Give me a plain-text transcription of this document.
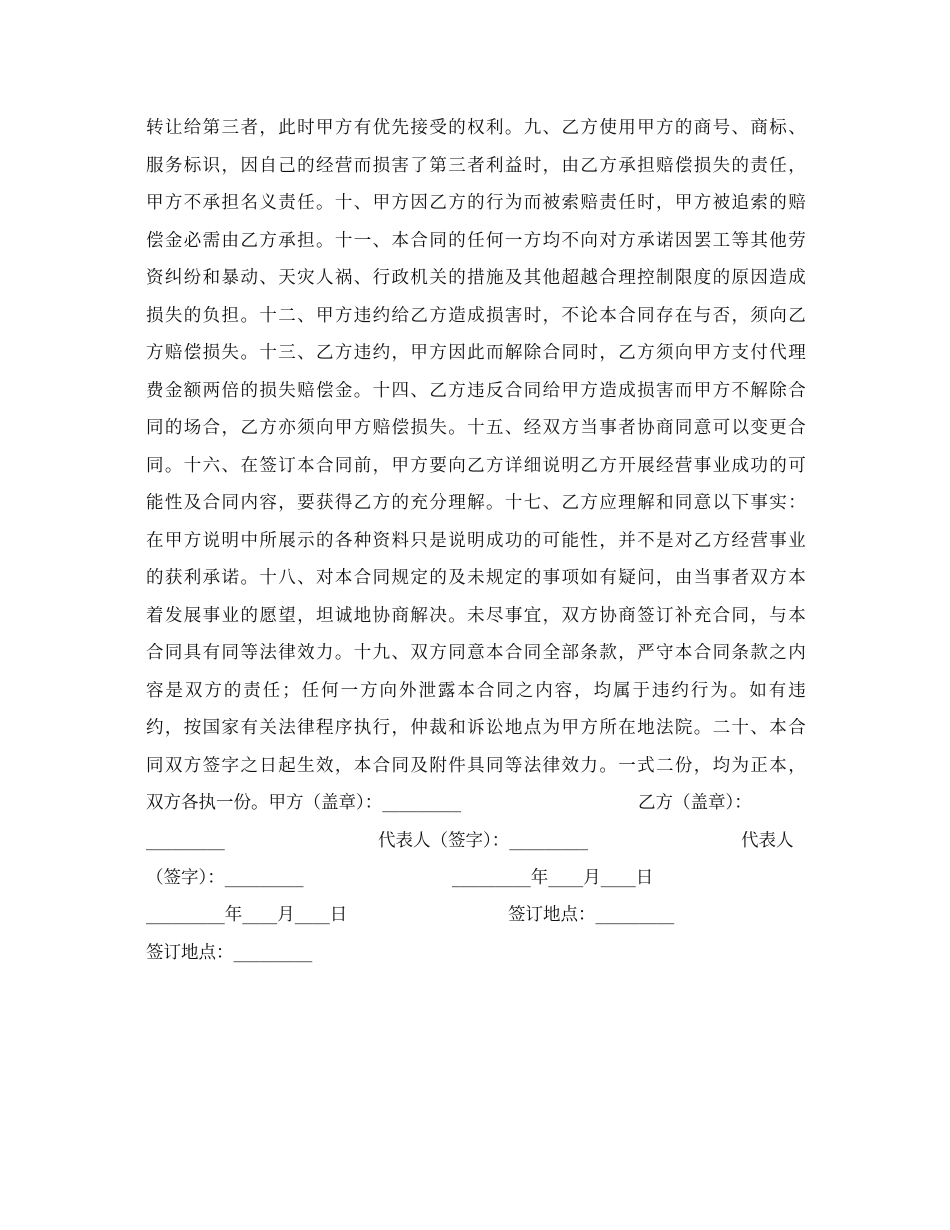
转让给第三者，此时甲方有优先接受的权利。九、乙方使用甲方的商号、商标、
服务标识，因自己的经营而损害了第三者利益时，由乙方承担赔偿损失的责任，
甲方不承担名义责任。十、甲方因乙方的行为而被索赔责任时，甲方被追索的赔
偿金必需由乙方承担。十一、本合同的任何一方均不向对方承诺因罢工等其他劳
资纠纷和暴动、天灾人祸、行政机关的措施及其他超越合理控制限度的原因造成
损失的负担。十二、甲方违约给乙方造成损害时，不论本合同存在与否，须向乙
方赔偿损失。十三、乙方违约，甲方因此而解除合同时，乙方须向甲方支付代理
费金额两倍的损失赔偿金。十四、乙方违反合同给甲方造成损害而甲方不解除合
同的场合，乙方亦须向甲方赔偿损失。十五、经双方当事者协商同意可以变更合
同。十六、在签订本合同前，甲方要向乙方详细说明乙方开展经营事业成功的可
能性及合同内容，要获得乙方的充分理解。十七、乙方应理解和同意以下事实：
在甲方说明中所展示的各种资料只是说明成功的可能性，并不是对乙方经营事业
的获利承诺。十八、对本合同规定的及未规定的事项如有疑问，由当事者双方本
着发展事业的愿望，坦诚地协商解决。未尽事宜，双方协商签订补充合同，与本
合同具有同等法律效力。十九、双方同意本合同全部条款，严守本合同条款之内
容是双方的责任；任何一方向外泄露本合同之内容，均属于违约行为。如有违
约，按国家有关法律程序执行，仲裁和诉讼地点为甲方所在地法院。二十、本合
同双方签字之日起生效，本合同及附件具同等法律效力。一式二份，均为正本，
双方各执一份。甲方（盖章）：_________	乙方（盖章）：
_________	代表人（签字）：_________	代表人
（签字）：_________	_________年____月____日
_________年____月____日	签订地点：_________
签订地点：_________
